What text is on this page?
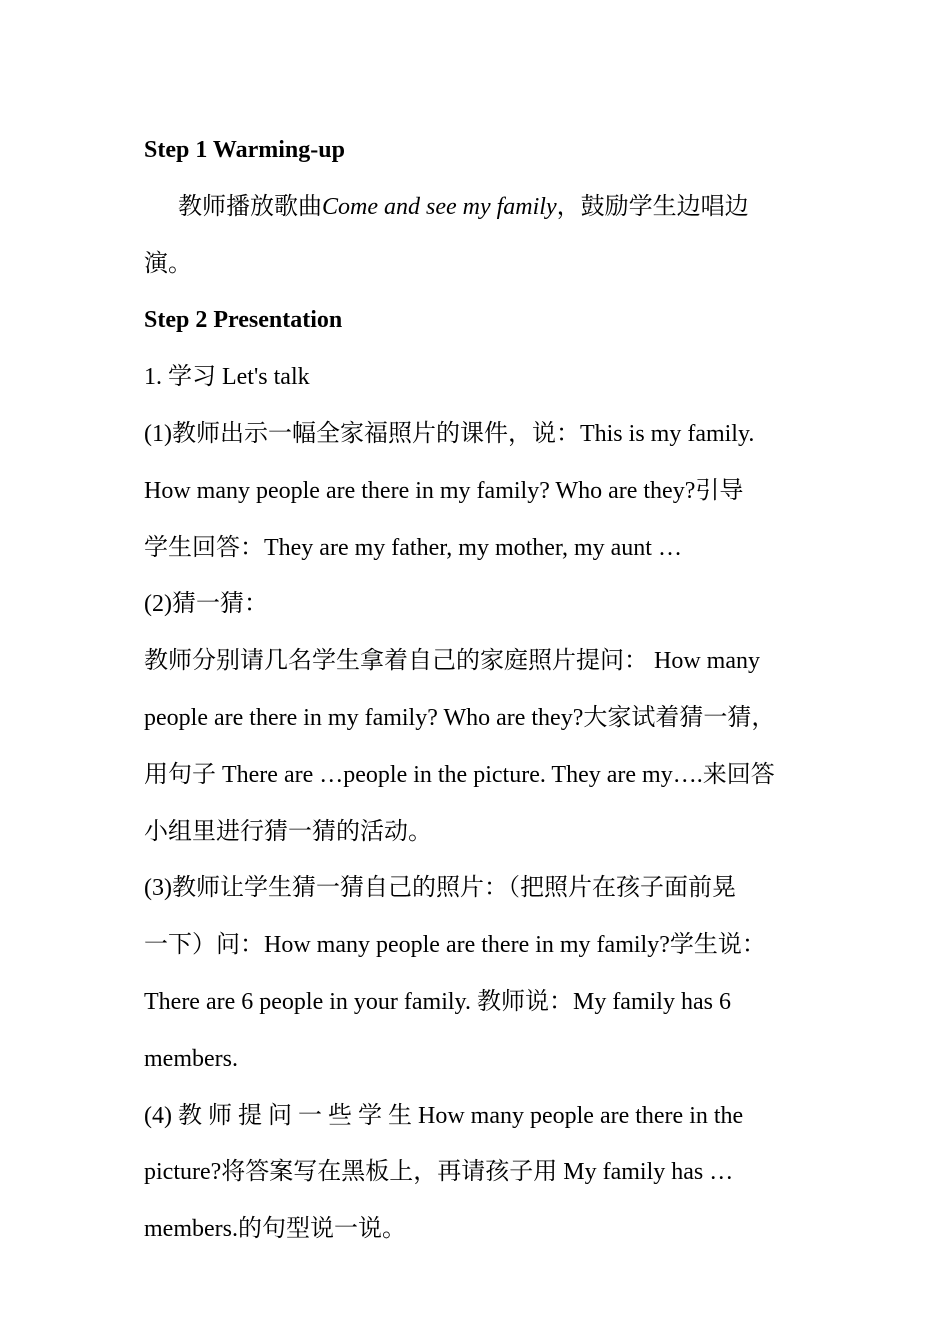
Step 1 Warming-up

教师播放歌曲Come and see my family，鼓励学生边唱边

演。

Step 2 Presentation

1. 学习 Let's talk

(1)教师出示一幅全家福照片的课件，说：This is my family.

How many people are there in my family? Who are they?引导

学生回答：They are my father, my mother, my aunt …

(2)猜一猜：

教师分别请几名学生拿着自己的家庭照片提问： How many

people are there in my family? Who are they?大家试着猜一猜，

用句子 There are …people in the picture. They are my….来回答

小组里进行猜一猜的活动。

(3)教师让学生猜一猜自己的照片：（把照片在孩子面前晃

一下）问：How many people are there in my family?学生说：

There are 6 people in your family. 教师说：My family has 6

members.

(4) 教 师 提 问 一 些 学 生 How many people are there in the

picture?将答案写在黑板上，再请孩子用 My family has …

members.的句型说一说。
